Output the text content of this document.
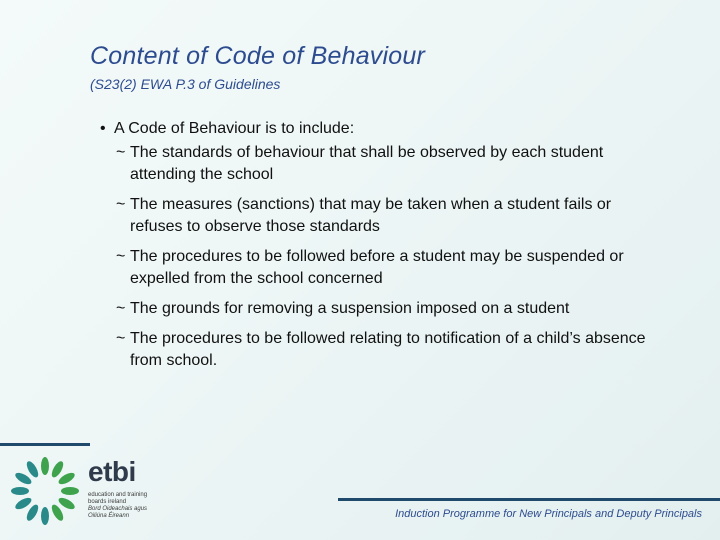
Content of Code of Behaviour
(S23(2) EWA P.3 of Guidelines
• A Code of Behaviour is to include:
~ The standards of behaviour that shall be observed by each student attending the school
~ The measures (sanctions) that may be taken when a student fails or refuses to observe those standards
~ The procedures to be followed before a student may be suspended or expelled from the school concerned
~ The grounds for removing a suspension imposed on a student
~ The procedures to be followed relating to notification of a child’s absence from school.
etbi
education and training
boards ireland
Bord Oideachais agus
Oiliúna Éireann	Induction Programme for New Principals and Deputy Principals
